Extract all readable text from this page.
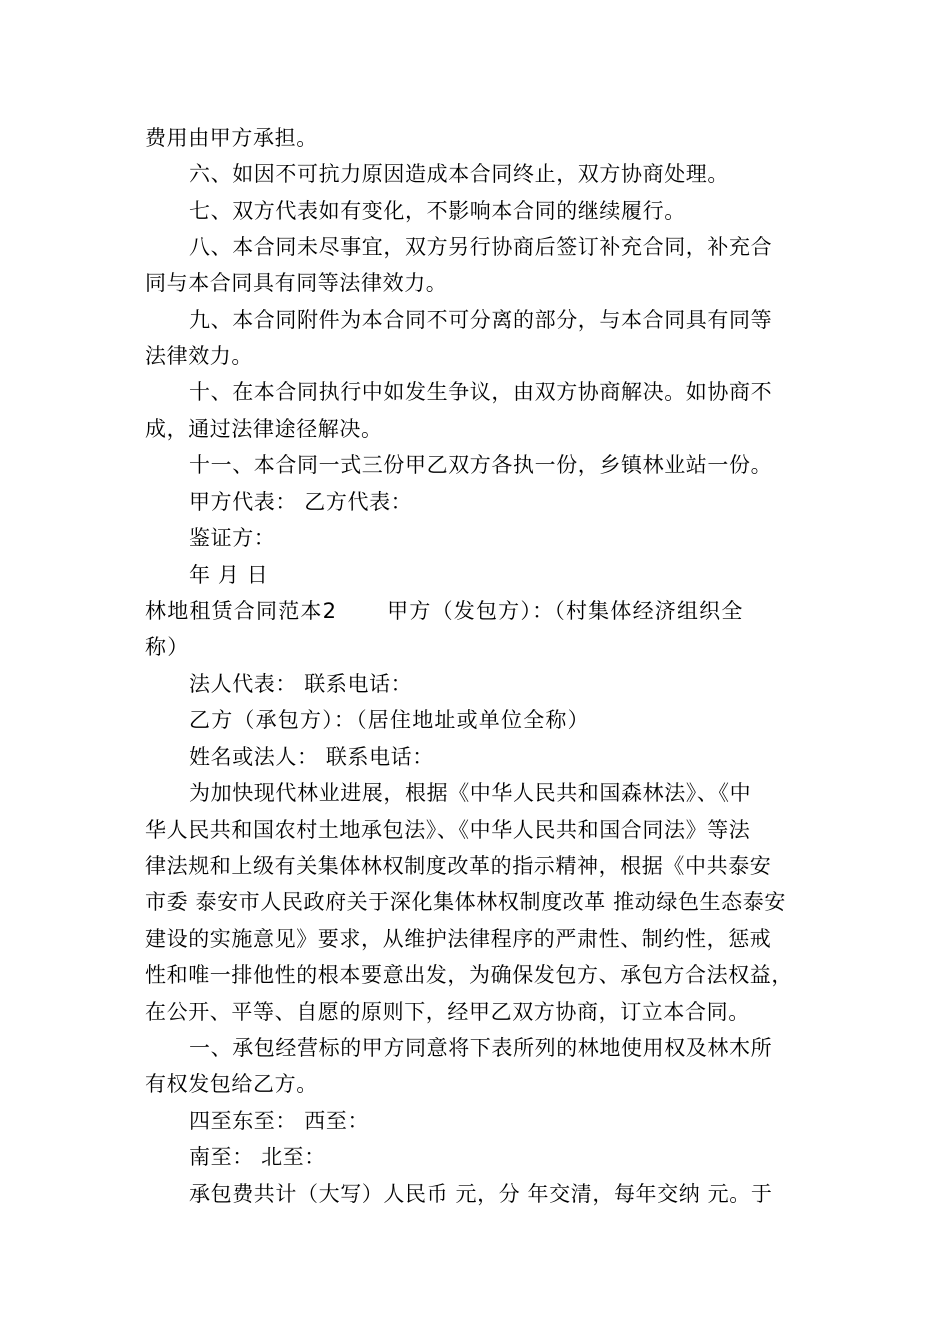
费用由甲方承担。
六、如因不可抗力原因造成本合同终止，双方协商处理。
七、双方代表如有变化，不影响本合同的继续履行。
八、本合同未尽事宜，双方另行协商后签订补充合同，补充合
同与本合同具有同等法律效力。
九、本合同附件为本合同不可分离的部分，与本合同具有同等
法律效力。
十、在本合同执行中如发生争议，由双方协商解决。如协商不
成，通过法律途径解决。
十一、本合同一式三份甲乙双方各执一份，乡镇林业站一份。
甲方代表： 乙方代表：
鉴证方：
年 月 日
林地租赁合同范本2 甲方（发包方）：（村集体经济组织全
称）
法人代表： 联系电话：
乙方（承包方）：（居住地址或单位全称）
姓名或法人： 联系电话：
为加快现代林业进展，根据《中华人民共和国森林法》、《中
华人民共和国农村土地承包法》、《中华人民共和国合同法》等法
律法规和上级有关集体林权制度改革的指示精神，根据《中共泰安
市委 泰安市人民政府关于深化集体林权制度改革 推动绿色生态泰安
建设的实施意见》要求，从维护法律程序的严肃性、制约性，惩戒
性和唯一排他性的根本要意出发，为确保发包方、承包方合法权益，
在公开、平等、自愿的原则下，经甲乙双方协商，订立本合同。
一、承包经营标的甲方同意将下表所列的林地使用权及林木所
有权发包给乙方。
四至东至： 西至：
南至： 北至：
承包费共计（大写）人民币 元，分 年交清，每年交纳 元。于
